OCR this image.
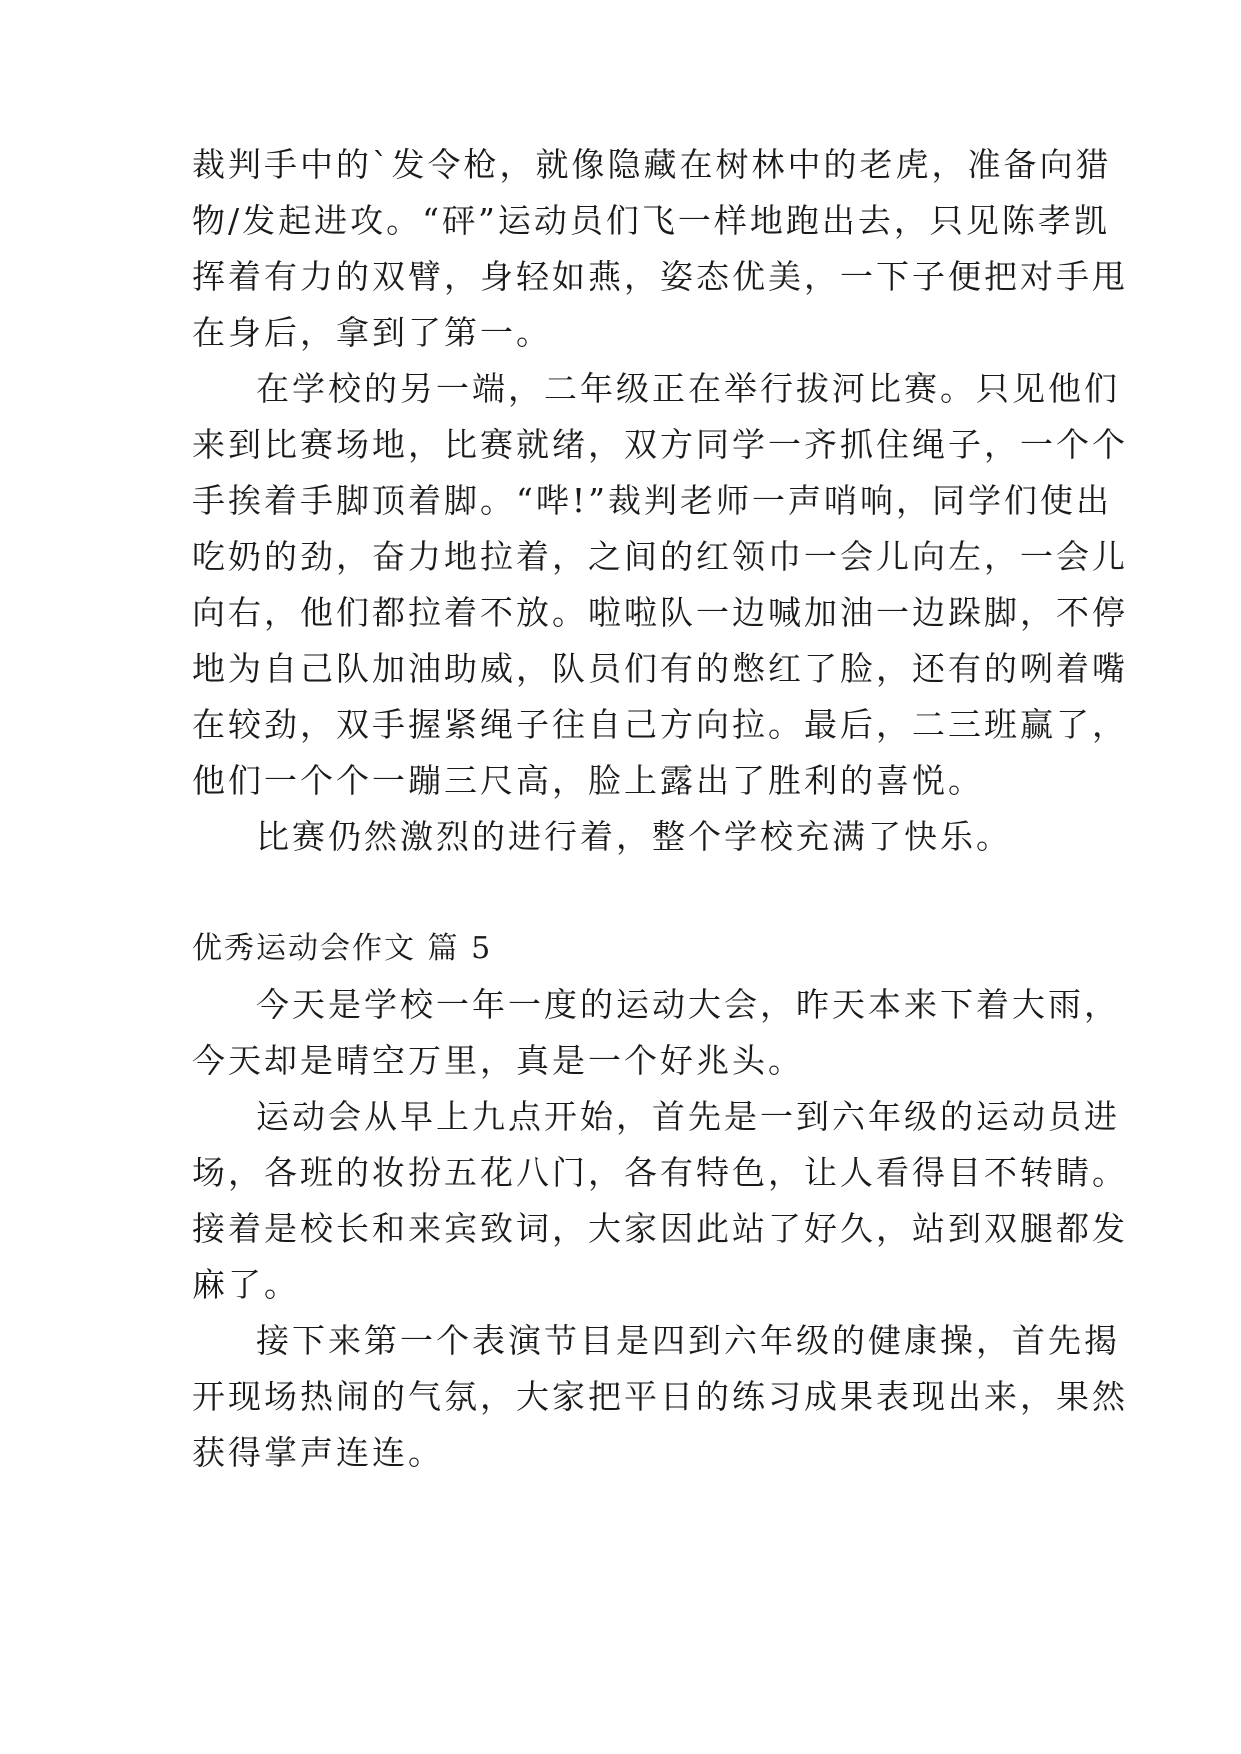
裁判手中的`发令枪，就像隐藏在树林中的老虎，准备向猎
物/发起进攻。“砰”运动员们飞一样地跑出去，只见陈孝凯
挥着有力的双臂，身轻如燕，姿态优美，一下子便把对手甩
在身后，拿到了第一。
在学校的另一端，二年级正在举行拔河比赛。只见他们
来到比赛场地，比赛就绪，双方同学一齐抓住绳子，一个个
手挨着手脚顶着脚。“哔!”裁判老师一声哨响，同学们使出
吃奶的劲，奋力地拉着，之间的红领巾一会儿向左，一会儿
向右，他们都拉着不放。啦啦队一边喊加油一边跺脚，不停
地为自己队加油助威，队员们有的憋红了脸，还有的咧着嘴
在较劲，双手握紧绳子往自己方向拉。最后，二三班赢了，
他们一个个一蹦三尺高，脸上露出了胜利的喜悦。
比赛仍然激烈的进行着，整个学校充满了快乐。
优秀运动会作文 篇 5
今天是学校一年一度的运动大会，昨天本来下着大雨，
今天却是晴空万里，真是一个好兆头。
运动会从早上九点开始，首先是一到六年级的运动员进
场，各班的妆扮五花八门，各有特色，让人看得目不转睛。
接着是校长和来宾致词，大家因此站了好久，站到双腿都发
麻了。
接下来第一个表演节目是四到六年级的健康操，首先揭
开现场热闹的气氛，大家把平日的练习成果表现出来，果然
获得掌声连连。
